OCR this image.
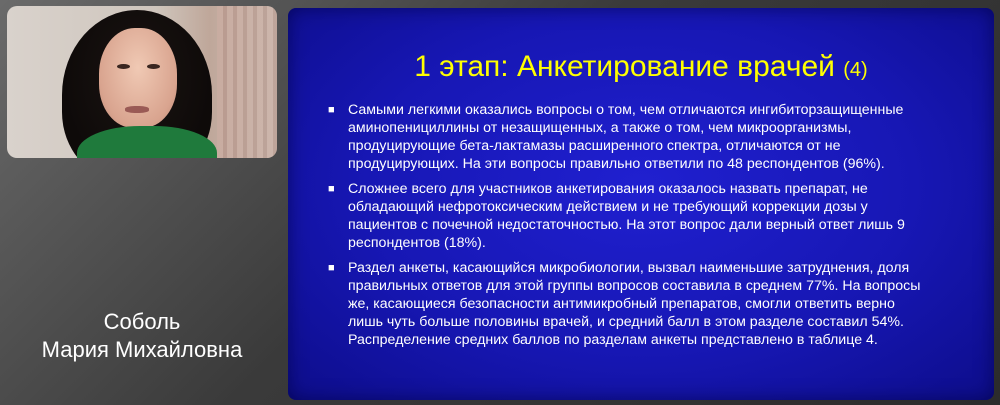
Соболь
Мария Михайловна
1 этап: Анкетирование врачей (4)
■ Самыми легкими оказались вопросы о том, чем отличаются ингибиторзащищенные
аминопенициллины от незащищенных, а также о том, чем микроорганизмы,
продуцирующие бета-лактамазы расширенного спектра, отличаются от не
продуцирующих. На эти вопросы правильно ответили по 48 респондентов (96%).
■ Сложнее всего для участников анкетирования оказалось назвать препарат, не
обладающий нефротоксическим действием и не требующий коррекции дозы у
пациентов с почечной недостаточностью. На этот вопрос дали верный ответ лишь 9
респондентов (18%).
■ Раздел анкеты, касающийся микробиологии, вызвал наименьшие затруднения, доля
правильных ответов для этой группы вопросов составила в среднем 77%. На вопросы
же, касающиеся безопасности антимикробный препаратов, смогли ответить верно
лишь чуть больше половины врачей, и средний балл в этом разделе составил 54%.
Распределение средних баллов по разделам анкеты представлено в таблице 4.
